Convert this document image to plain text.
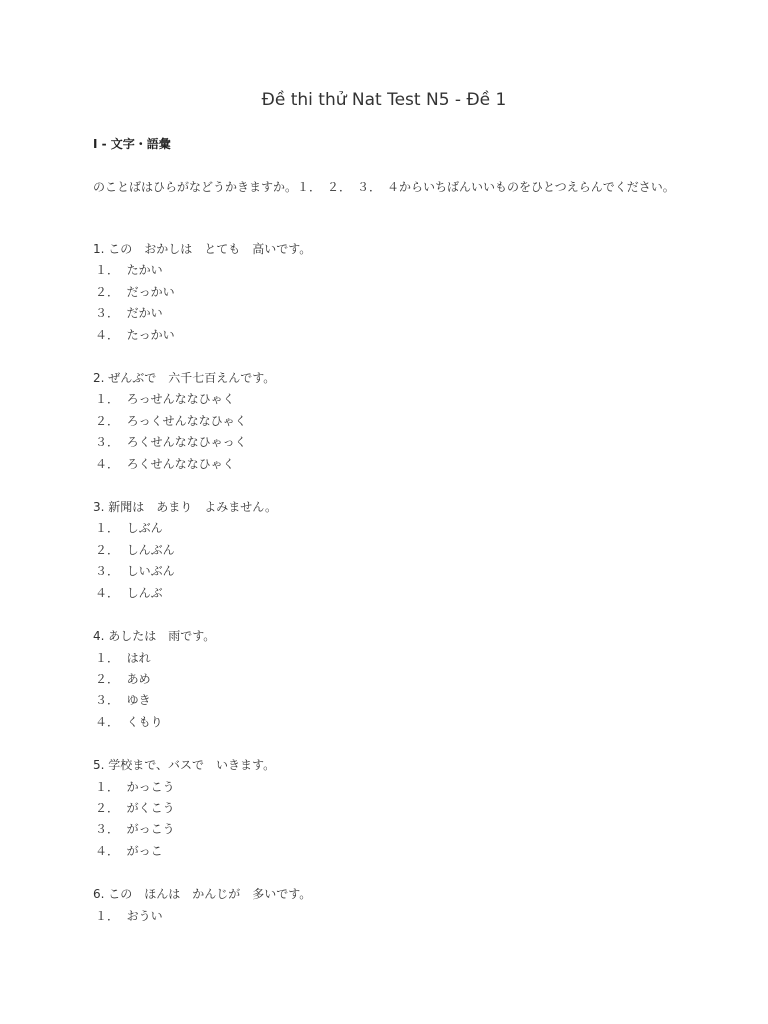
Đề thi thử Nat Test N5 - Đề 1
I - 文字・語彙
のことばはひらがなどうかきますか。１．　２．　３．　４からいちばんいいものをひとつえらんでください。
1. この　おかしは　とても　高いです。
１．  たかい
２．  だっかい
３．  だかい
４．  たっかい
2. ぜんぶで　六千七百えんです。
１．  ろっせんななひゃく
２．  ろっくせんななひゃく
３．  ろくせんななひゃっく
４．  ろくせんななひゃく
3. 新聞は　あまり　よみません。
１．  しぶん
２．  しんぶん
３．  しいぶん
４．  しんぶ
4. あしたは　雨です。
１．  はれ
２．  あめ
３．  ゆき
４．  くもり
5. 学校まで、バスで　いきます。
１．  かっこう
２．  がくこう
３．  がっこう
４．  がっこ
6. この　ほんは　かんじが　多いです。
１．  おうい
